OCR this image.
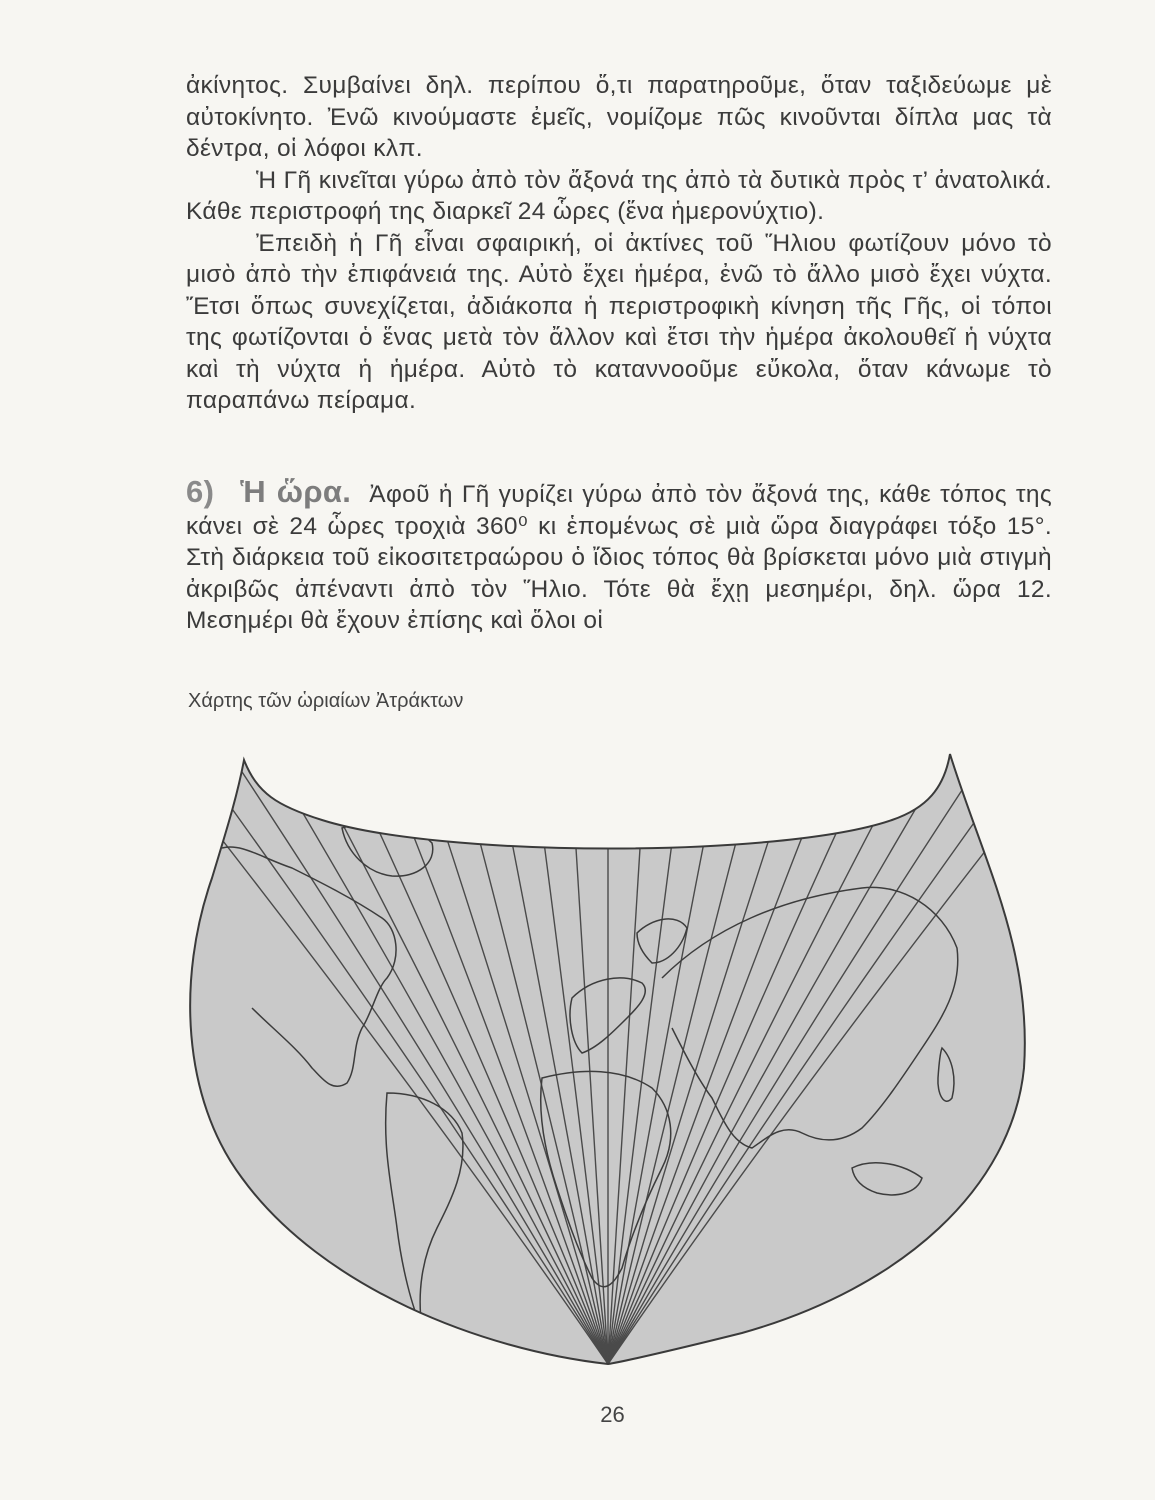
ἀκίνητος. Συμβαίνει δηλ. περίπου ὅ,τι παρατηροῦμε, ὅταν ταξιδεύωμε μὲ αὐτοκίνητο. Ἐνῶ κινούμαστε ἐμεῖς, νομίζομε πῶς κινοῦνται δίπλα μας τὰ δέντρα, οἱ λόφοι κλπ.

Ἡ Γῆ κινεῖται γύρω ἀπὸ τὸν ἄξονά της ἀπὸ τὰ δυτικὰ πρὸς τ’ ἀνατολικά. Κάθε περιστροφή της διαρκεῖ 24 ὧρες (ἕνα ἡμερονύχτιο).

Ἐπειδὴ ἡ Γῆ εἶναι σφαιρική, οἱ ἀκτίνες τοῦ Ἥλιου φωτίζουν μόνο τὸ μισὸ ἀπὸ τὴν ἐπιφάνειά της. Αὐτὸ ἔχει ἡμέρα, ἐνῶ τὸ ἄλλο μισὸ ἔχει νύχτα. Ἔτσι ὅπως συνεχίζεται, ἀδιάκοπα ἡ περιστροφικὴ κίνηση τῆς Γῆς, οἱ τόποι της φωτίζονται ὁ ἕνας μετὰ τὸν ἄλλον καὶ ἔτσι τὴν ἡμέρα ἀκολουθεῖ ἡ νύχτα καὶ τὴ νύχτα ἡ ἡμέρα. Αὐτὸ τὸ καταννοοῦμε εὔκολα, ὅταν κάνωμε τὸ παραπάνω πείραμα.

6) Ἡ ὥρα. Ἀφοῦ ἡ Γῆ γυρίζει γύρω ἀπὸ τὸν ἄξονά της, κάθε τόπος της κάνει σὲ 24 ὧρες τροχιὰ 360⁰ κι ἑπομένως σὲ μιὰ ὥρα διαγράφει τόξο 15°. Στὴ διάρκεια τοῦ εἰκοσιτετραώρου ὁ ἴδιος τόπος θὰ βρίσκεται μόνο μιὰ στιγμὴ ἀκριβῶς ἀπέναντι ἀπὸ τὸν Ἥλιο. Τότε θὰ ἔχῃ μεσημέρι, δηλ. ὥρα 12. Μεσημέρι θὰ ἔχουν ἐπίσης καὶ ὅλοι οἱ
Χάρτης τῶν ὡριαίων Ἀτράκτων
26
